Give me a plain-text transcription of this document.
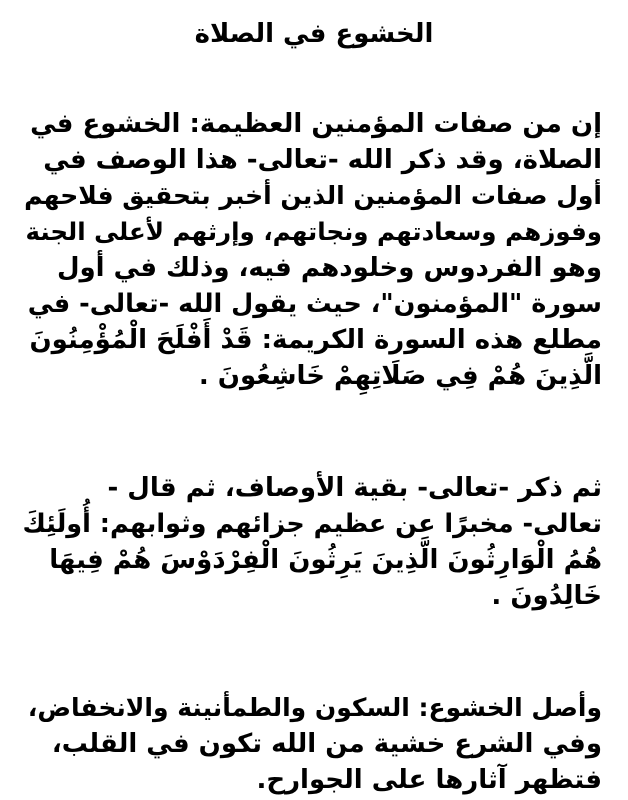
الخشوع في الصلاة

إن من صفات المؤمنين العظيمة: الخشوع في
الصلاة، وقد ذكر الله -تعالى- هذا الوصف في
أول صفات المؤمنين الذين أخبر بتحقيق فلاحهم
وفوزهم وسعادتهم ونجاتهم، وإرثهم لأعلى الجنة
وهو الفردوس وخلودهم فيه، وذلك في أول
سورة "المؤمنون"، حيث يقول الله -تعالى- في
مطلع هذه السورة الكريمة: قَدْ أَفْلَحَ الْمُؤْمِنُونَ
الَّذِينَ هُمْ فِي صَلَاتِهِمْ خَاشِعُونَ .

ثم ذكر -تعالى- بقية الأوصاف، ثم قال -
تعالى- مخبرًا عن عظيم جزائهم وثوابهم: أُولَئِكَ
هُمُ الْوَارِثُونَ الَّذِينَ يَرِثُونَ الْفِرْدَوْسَ هُمْ فِيهَا
خَالِدُونَ .

وأصل الخشوع: السكون والطمأنينة والانخفاض،
وفي الشرع خشية من الله تكون في القلب،
فتظهر آثارها على الجوارح.
